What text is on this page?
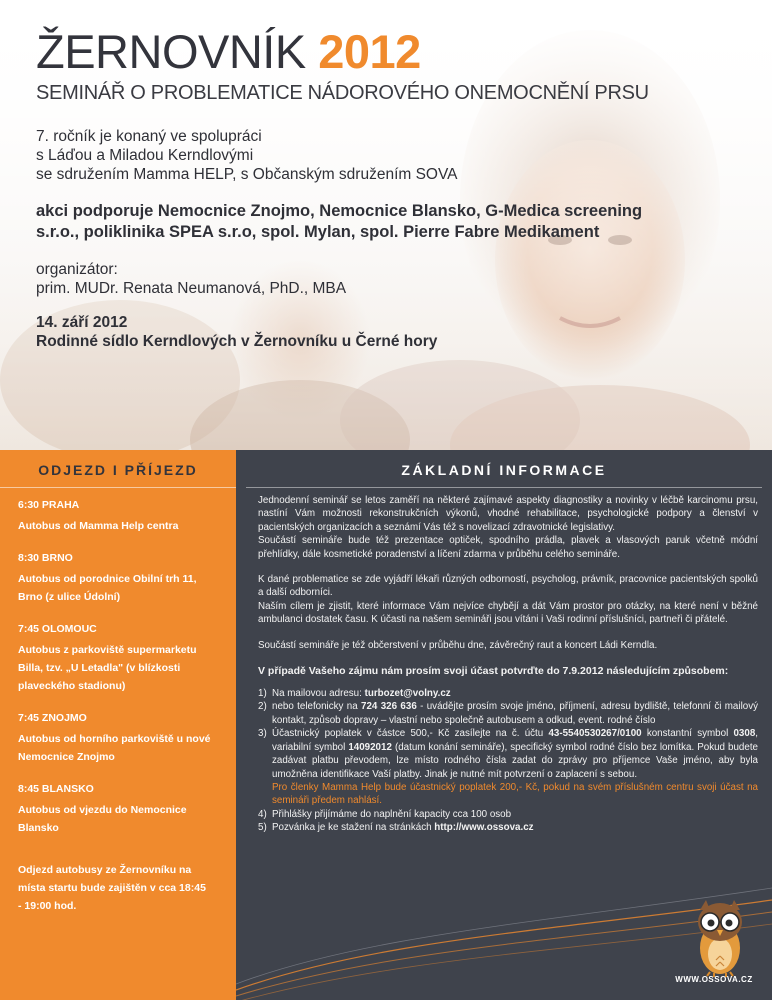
ŽERNOVNÍK 2012
SEMINÁŘ O PROBLEMATICE NÁDOROVÉHO ONEMOCNĚNÍ PRSU
7. ročník je konaný ve spolupráci
s Láďou a Miladou Kerndlovými
se sdružením Mamma HELP, s Občanským sdružením SOVA
akci podporuje Nemocnice Znojmo, Nemocnice Blansko, G-Medica screening
s.r.o., poliklinika SPEA s.r.o, spol. Mylan, spol. Pierre Fabre Medikament
organizátor:
prim. MUDr. Renata Neumanová, PhD., MBA
14. září 2012
Rodinné sídlo Kerndlových v Žernovníku u Černé hory
ODJEZD I PŘÍJEZD
6:30 PRAHA
Autobus od Mamma Help centra
8:30 BRNO
Autobus od porodnice Obilní trh 11, Brno (z ulice Údolní)
7:45 OLOMOUC
Autobus z parkoviště supermarketu Billa, tzv. „U Letadla" (v blízkosti plaveckého stadionu)
7:45 ZNOJMO
Autobus od horního parkoviště u nové Nemocnice Znojmo
8:45 BLANSKO
Autobus od vjezdu do Nemocnice Blansko
Odjezd autobusy ze Žernovníku na místa startu bude zajištěn v cca 18:45 - 19:00 hod.
ZÁKLADNÍ INFORMACE

Jednodenní seminář se letos zaměří na některé zajímavé aspekty diagnostiky a novinky v léčbě karcinomu prsu, nastíní Vám možnosti rekonstrukčních výkonů, vhodné rehabilitace, psychologické podpory a členství v pacientských organizacích a seznámí Vás též s novelizací zdravotnické legislativy.

Součástí semináře bude též prezentace optiček, spodního prádla, plavek a vlasových paruk včetně módní přehlídky, dále kosmetické poradenství a líčení zdarma v průběhu celého semináře.

K dané problematice se zde vyjádří lékaři různých odborností, psycholog, právník, pracovnice pacientských spolků a další odborníci.

Naším cílem je zjistit, které informace Vám nejvíce chybějí a dát Vám prostor pro otázky, na které není v běžné ambulanci dostatek času. K účasti na našem semináři jsou vítáni i Vaši rodinní příslušníci, partneři či přátelé.

Součástí semináře je též občerstvení v průběhu dne, závěrečný raut a koncert Ládi Kerndla.

V případě Vašeho zájmu nám prosím svoji účast potvrďte do 7.9.2012 následujícím způsobem:

1) Na mailovou adresu: turbozet@volny.cz
2) nebo telefonicky na 724 326 636 - uvádějte prosím svoje jméno, příjmení, adresu bydliště, telefonní či mailový kontakt, způsob dopravy – vlastní nebo společně autobusem a odkud, event. rodné číslo
3) Účastnický poplatek v částce 500,- Kč zasílejte na č. účtu 43-5540530267/0100 konstantní symbol 0308, variabilní symbol 14092012 (datum konání semináře), specifický symbol rodné číslo bez lomítka. Pokud budete zadávat platbu převodem, lze místo rodného čísla zadat do zprávy pro příjemce Vaše jméno, aby byla umožněna identifikace Vaší platby. Jinak je nutné mít potvrzení o zaplacení s sebou.
Pro členky Mamma Help bude účastnický poplatek 200,- Kč, pokud na svém příslušném centru svoji účast na semináři předem nahlásí.
4) Přihlášky přijímáme do naplnění kapacity cca 100 osob
5) Pozvánka je ke stažení na stránkách http://www.ossova.cz
WWW.OSSOVA.CZ
